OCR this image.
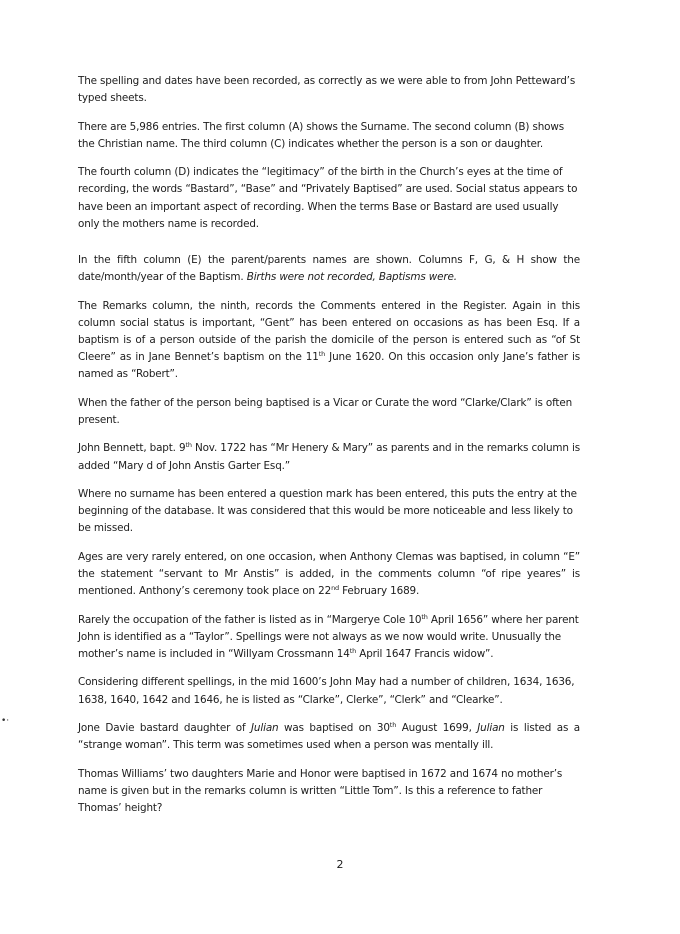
The spelling and dates have been recorded, as correctly as we were able to from John Petteward’s typed sheets.

There are 5,986 entries. The first column (A) shows the Surname. The second column (B) shows the Christian name. The third column (C) indicates whether the person is a son or daughter.

The fourth column (D) indicates the “legitimacy” of the birth in the Church’s eyes at the time of recording, the words “Bastard”, “Base” and “Privately Baptised” are used. Social status appears to have been an important aspect of recording. When the terms Base or Bastard are used usually only the mothers name is recorded.

In the fifth column (E) the parent/parents names are shown. Columns F, G, & H show the date/month/year of the Baptism. Births were not recorded, Baptisms were.

The Remarks column, the ninth, records the Comments entered in the Register. Again in this column social status is important, “Gent” has been entered on occasions as has been Esq. If a baptism is of a person outside of the parish the domicile of the person is entered such as “of St Cleere” as in Jane Bennet’s baptism on the 11th June 1620. On this occasion only Jane’s father is named as “Robert”.

When the father of the person being baptised is a Vicar or Curate the word “Clarke/Clark” is often present.

John Bennett, bapt. 9th Nov. 1722 has “Mr Henery & Mary” as parents and in the remarks column is added “Mary d of John Anstis Garter Esq.”

Where no surname has been entered a question mark has been entered, this puts the entry at the beginning of the database. It was considered that this would be more noticeable and less likely to be missed.

Ages are very rarely entered, on one occasion, when Anthony Clemas was baptised, in column “E” the statement “servant to Mr Anstis” is added, in the comments column “of ripe yeares” is mentioned. Anthony’s ceremony took place on 22nd February 1689.

Rarely the occupation of the father is listed as in “Margerye Cole 10th April 1656” where her parent John is identified as a “Taylor”. Spellings were not always as we now would write. Unusually the mother’s name is included in “Willyam Crossmann 14th April 1647 Francis widow”.

Considering different spellings, in the mid 1600’s John May had a number of children, 1634, 1636, 1638, 1640, 1642 and 1646, he is listed as “Clarke”, Clerke”, “Clerk” and “Clearke”.

Jone Davie bastard daughter of Julian was baptised on 30th August 1699, Julian is listed as a “strange woman”. This term was sometimes used when a person was mentally ill.

Thomas Williams’ two daughters Marie and Honor were baptised in 1672 and 1674 no mother’s name is given but in the remarks column is written “Little Tom”. Is this a reference to father Thomas’ height?

2
•·
